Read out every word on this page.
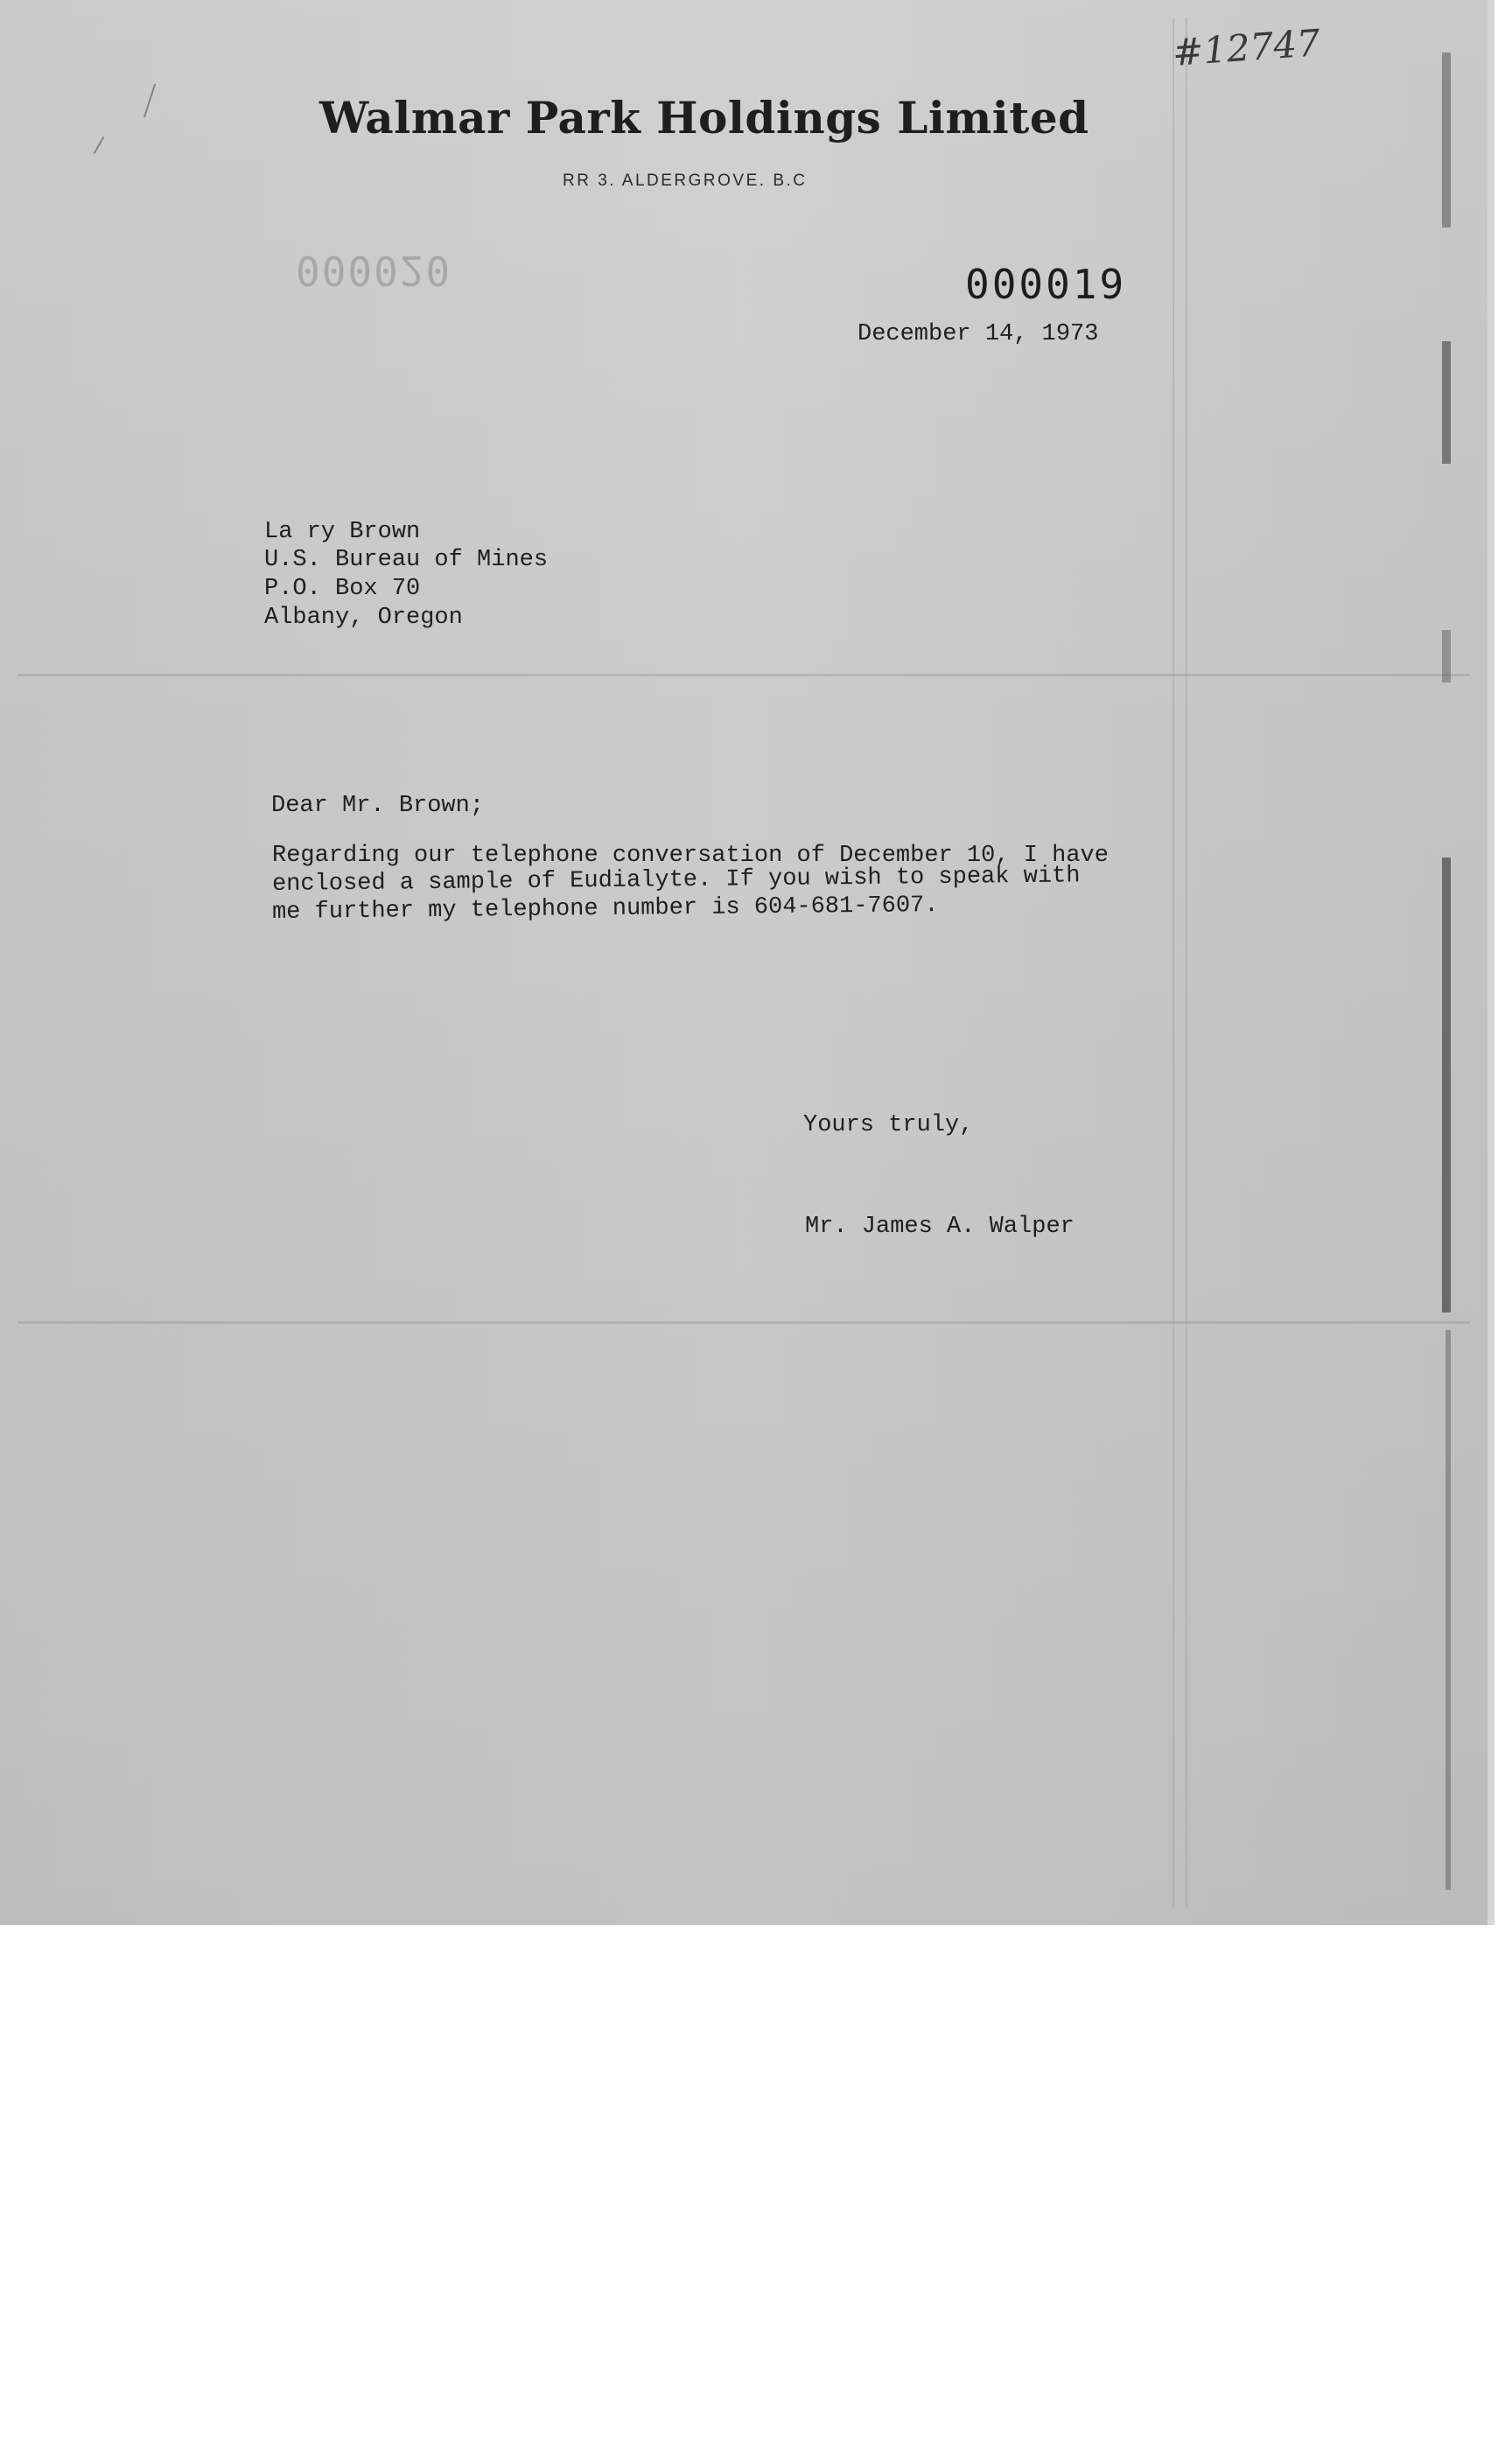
Walmar Park Holdings Limited
RR 3. ALDERGROVE. B.C
#12747
000020	000019
December 14, 1973
La ry Brown
U.S. Bureau of Mines
P.O. Box 70
Albany, Oregon
Dear Mr. Brown;
Regarding our telephone conversation of December 10, I have
enclosed a sample of Eudialyte. If you wish to speak with
me further my telephone number is 604-681-7607.
Yours truly,
Mr. James A. Walper
